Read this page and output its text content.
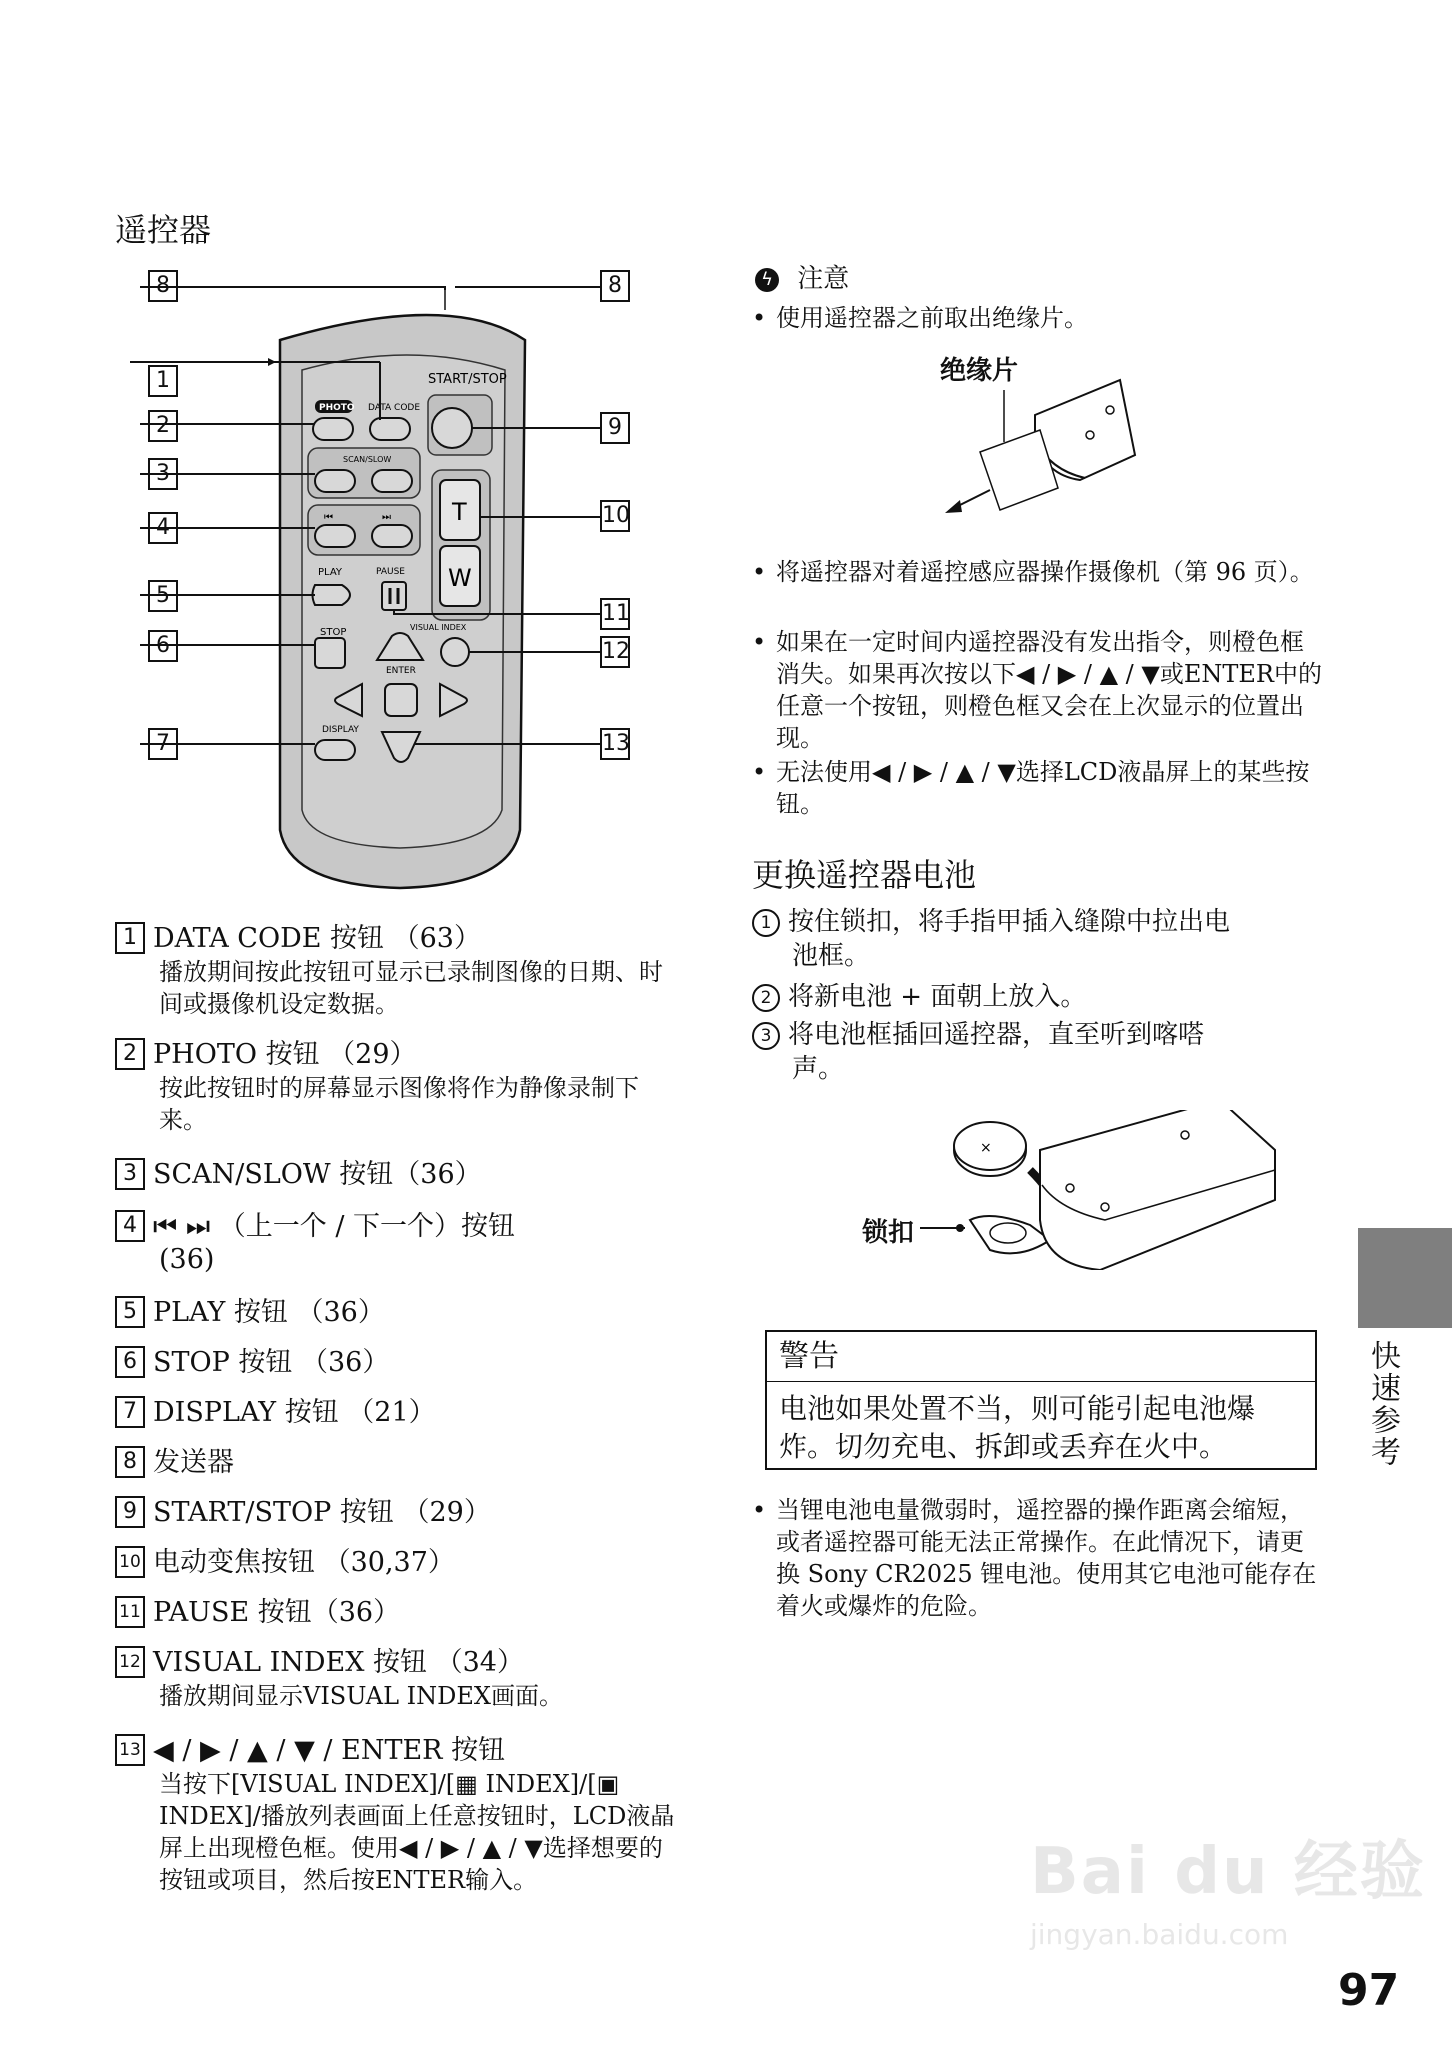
遥控器
START/STOP
PHOTO DATA CODE
SCAN/SLOW
⏮	⏭	T
W
PLAY	PAUSE
STOP	VISUAL INDEX
ENTER
DISPLAY
8
1
2
3
4
5
6
7
8
9
10
11
12
13
1 DATA CODE 按钮 （63）
播放期间按此按钮可显示已录制图像的日期、时间或摄像机设定数据。
2 PHOTO 按钮 （29）
按此按钮时的屏幕显示图像将作为静像录制下来。
3 SCAN/SLOW 按钮（36）
4 ⏮ ⏭ （上一个 / 下一个）按钮
(36)
5 PLAY 按钮 （36）
6 STOP 按钮 （36）
7 DISPLAY 按钮 （21）
8 发送器
9 START/STOP 按钮 （29）
10 电动变焦按钮 （30,37）
11 PAUSE 按钮（36）
12 VISUAL INDEX 按钮 （34）
播放期间显示VISUAL INDEX画面。
13 ◀ / ▶ / ▲ / ▼ / ENTER 按钮
当按下[VISUAL INDEX]/[▦ INDEX]/[▣ INDEX]/播放列表画面上任意按钮时，LCD液晶屏上出现橙色框。使用◀ / ▶ / ▲ / ▼选择想要的按钮或项目，然后按ENTER输入。
ϟ 注意
• 使用遥控器之前取出绝缘片。
绝缘片
• 将遥控器对着遥控感应器操作摄像机（第 96 页）。
• 如果在一定时间内遥控器没有发出指令，则橙色框消失。如果再次按以下◀ / ▶ / ▲ / ▼或ENTER中的任意一个按钮，则橙色框又会在上次显示的位置出现。
• 无法使用◀ / ▶ / ▲ / ▼选择LCD液晶屏上的某些按钮。
更换遥控器电池
1 按住锁扣，将手指甲插入缝隙中拉出电
池框。
2 将新电池 + 面朝上放入。
3 将电池框插回遥控器，直至听到喀嗒
声。
锁扣
×
警告
电池如果处置不当，则可能引起电池爆炸。切勿充电、拆卸或丢弃在火中。
• 当锂电池电量微弱时，遥控器的操作距离会缩短，或者遥控器可能无法正常操作。在此情况下，请更换 Sony CR2025 锂电池。使用其它电池可能存在着火或爆炸的危险。
快速参考
Bai du 经验
jingyan.baidu.com
97
